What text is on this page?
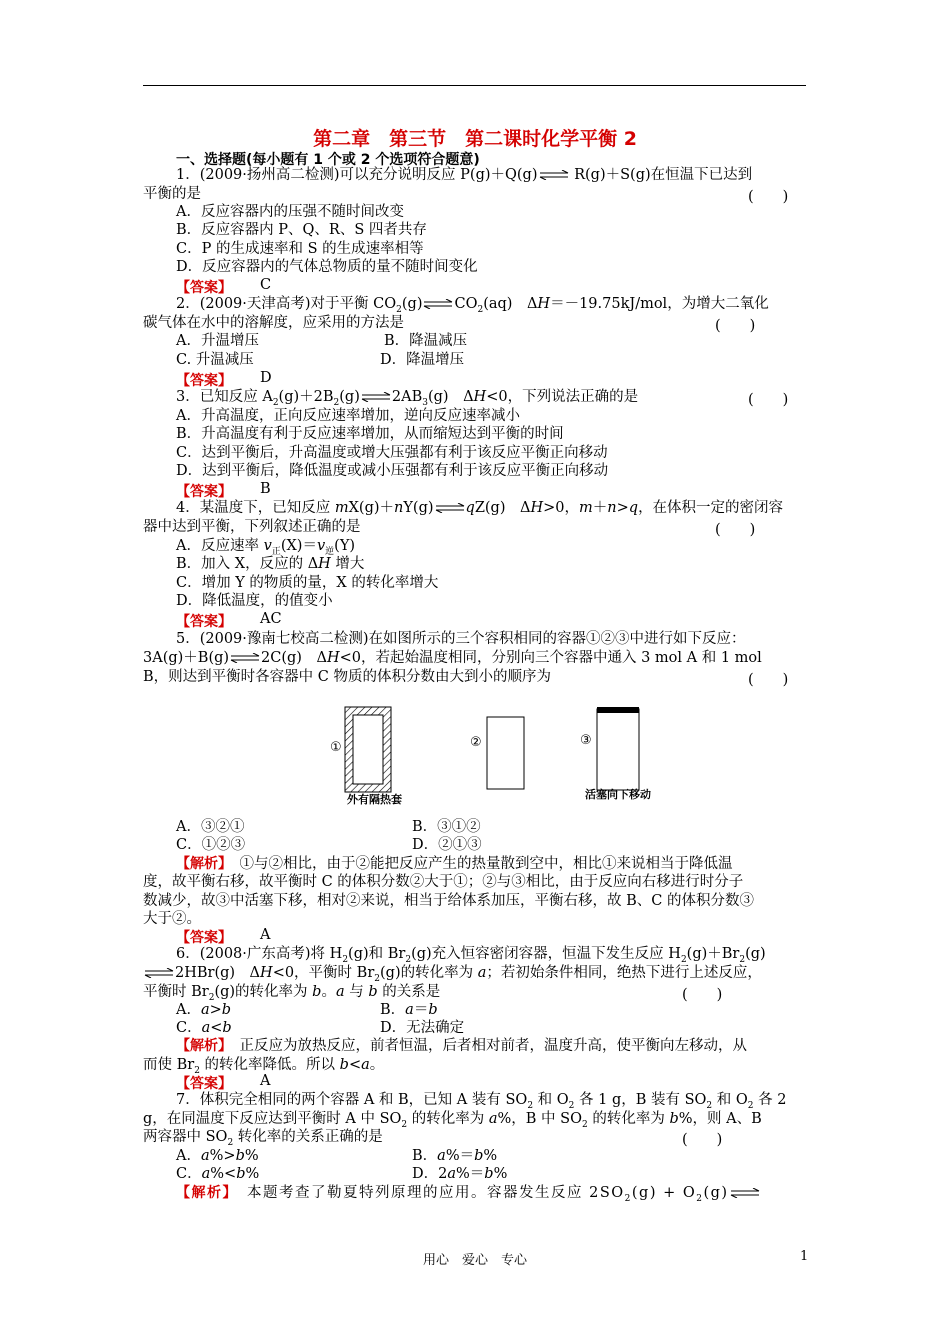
第二章　第三节　第二课时化学平衡 2
一、选择题(每小题有 1 个或 2 个选项符合题意)
1．(2009·扬州高二检测)可以充分说明反应 P(g)＋Q(g)⇌ R(g)＋S(g)在恒温下已达到
平衡的是	(　　)
A．反应容器内的压强不随时间改变
B．反应容器内 P、Q、R、S 四者共存
C．P 的生成速率和 S 的生成速率相等
D．反应容器内的气体总物质的量不随时间变化
【答案】 C
2．(2009·天津高考)对于平衡 $CO_2(g)\rightleftharpoons CO_2(aq)$　ΔH＝－19.75kJ/mol，为增大二氧化
碳气体在水中的溶解度，应采用的方法是	(　　)
A．升温增压	B．降温减压
C. 升温减压	D．降温增压
【答案】 D
3．已知反应 $A_2(g)+2B_2(g)\rightleftharpoons 2AB_3(g)$　ΔH<0，下列说法正确的是	(　　)
A．升高温度，正向反应速率增加，逆向反应速率减小
B．升高温度有利于反应速率增加，从而缩短达到平衡的时间
C．达到平衡后，升高温度或增大压强都有利于该反应平衡正向移动
D．达到平衡后，降低温度或减小压强都有利于该反应平衡正向移动
【答案】 B
4．某温度下，已知反应 mX(g)＋nY(g)⇌qZ(g)　ΔH>0，m＋n>q，在体积一定的密闭容
器中达到平衡，下列叙述正确的是	(　　)
A．反应速率 $v_正(X)=v_逆(Y)$
B．加入 X，反应的 ΔH 增大
C．增加 Y 的物质的量，X 的转化率增大
D．降低温度，的值变小
【答案】 AC
5．(2009·豫南七校高二检测)在如图所示的三个容积相同的容器①②③中进行如下反应：
3A(g)＋B(g)⇌2C(g)　ΔH<0，若起始温度相同，分别向三个容器中通入 3 mol A 和 1 mol
B，则达到平衡时各容器中 C 物质的体积分数由大到小的顺序为	(　　)
①	②	③
外有隔热套	活塞向下移动
A．③②①	B．③①②
C．①②③	D．②①③
【解析】　①与②相比，由于②能把反应产生的热量散到空中，相比①来说相当于降低温
度，故平衡右移，故平衡时 C 的体积分数②大于①；②与③相比，由于反应向右移进行时分子
数减少，故③中活塞下移，相对②来说，相当于给体系加压，平衡右移，故 B、C 的体积分数③
大于②。
【答案】 A
6．(2008·广东高考)将 $H_2(g)$和 $Br_2(g)$充入恒容密闭容器，恒温下发生反应 $H_2(g)+Br_2(g)$
⇌2HBr(g)　ΔH<0，平衡时 $Br_2(g)$的转化率为 a；若初始条件相同，绝热下进行上述反应，
平衡时 $Br_2(g)$的转化率为 b。a 与 b 的关系是	(　　)
A．a>b	B．a＝b
C．a<b	D．无法确定
【解析】　正反应为放热反应，前者恒温，后者相对前者，温度升高，使平衡向左移动，从
而使 $Br_2$ 的转化率降低。所以 b<a。
【答案】 A
7．体积完全相同的两个容器 A 和 B，已知 A 装有 $SO_2$ 和 $O_2$ 各 1 g，B 装有 $SO_2$ 和 $O_2$ 各 2
g，在同温度下反应达到平衡时 A 中 $SO_2$ 的转化率为 a%，B 中 $SO_2$ 的转化率为 b%，则 A、B
两容器中 $SO_2$ 转化率的关系正确的是	(　　)
A．a%>b%	B．a%＝b%
C．a%<b%	D．2a%＝b%
【解析】　本题考查了勒夏特列原理的应用。容器发生反应 $2SO_2(g)$ + $O_2(g)\rightleftharpoons$
用心　爱心　专心	1
